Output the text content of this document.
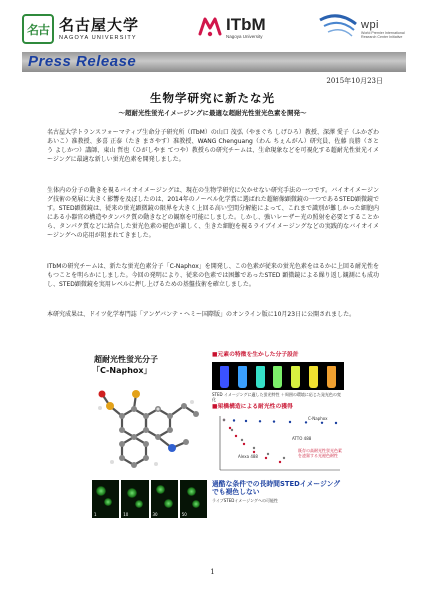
名古 名古屋大学
NAGOYA UNIVERSITY
ITbM
Nagoya University
wpi
World Premier International Research Center Initiative
Press Release
2015年10月23日
生物学研究に新たな光
～超耐光性蛍光イメージングに最適な超耐光性蛍光色素を開発～

名古屋大学トランスフォーマティブ生命分子研究所（ITbM）の山口 茂弘（やまぐち しげひろ）教授、深澤 愛子（ふかざわ あいこ）准教授、多喜 正泰（たき まさやす）准教授、WANG Chenguang（わん ちぇんがん）研究員、佐藤 良勝（さとう よしかつ）講師、東山 哲也（ひがしやま てつや）教授らの研究チームは、生命現象などを可視化する超耐光性蛍光イメージングに最適な新しい蛍光色素を開発しました。

生体内の分子の動きを視るバイオイメージングは、現在の生物学研究に欠かせない研究手法の一つです。バイオイメージング技術の発展に大きく影響を及ぼしたのは、2014年のノーベル化学賞に選ばれた超解像顕微鏡の一つであるSTED顕微鏡です。STED顕微鏡は、従来の蛍光顕微鏡の限界を大きく上回る高い空間分解能によって、これまで識別が難しかった細胞内にある小器官の構造やタンパク質の動きなどの観察を可能にしました。しかし、強いレーザー光の照射を必要とすることから、タンパク質などに結合した蛍光色素の褪色が激しく、生きた細胞を視るライブイメージングなどの実践的なバイオイメージングへの応用が阻まれてきました。

ITbMの研究チームは、新たな蛍光色素分子「C-Naphox」を開発し、この色素が従来の蛍光色素をはるかに上回る耐光性をもつことを明らかにしました。今回の発明により、従来の色素では困難であったSTED 顕微鏡による繰り返し観測にも成功し、STED顕微鏡を実用レベルに押し上げるための基盤技術を確立しました。

本研究成果は、ドイツ化学専門誌「アンゲバンテ・ヘミー国際版」のオンライン版に10月23日に公開されました。

超耐光性蛍光分子
「C-Naphox」
1	10	30	50
■元素の特徴を生かした分子設計
STED イメージングに適した蛍光特性 ＋周囲の環境に応じた発光色の変化
■架橋構造による耐光性の獲得
C-Naphox
ATTO 488
Alexa 488
既存の高耐光性蛍光色素を凌駕する光褪色耐性
過酷な条件での長時間STEDイメージングでも褪色しない
ライブSTEDイメージングへの可能性
1
